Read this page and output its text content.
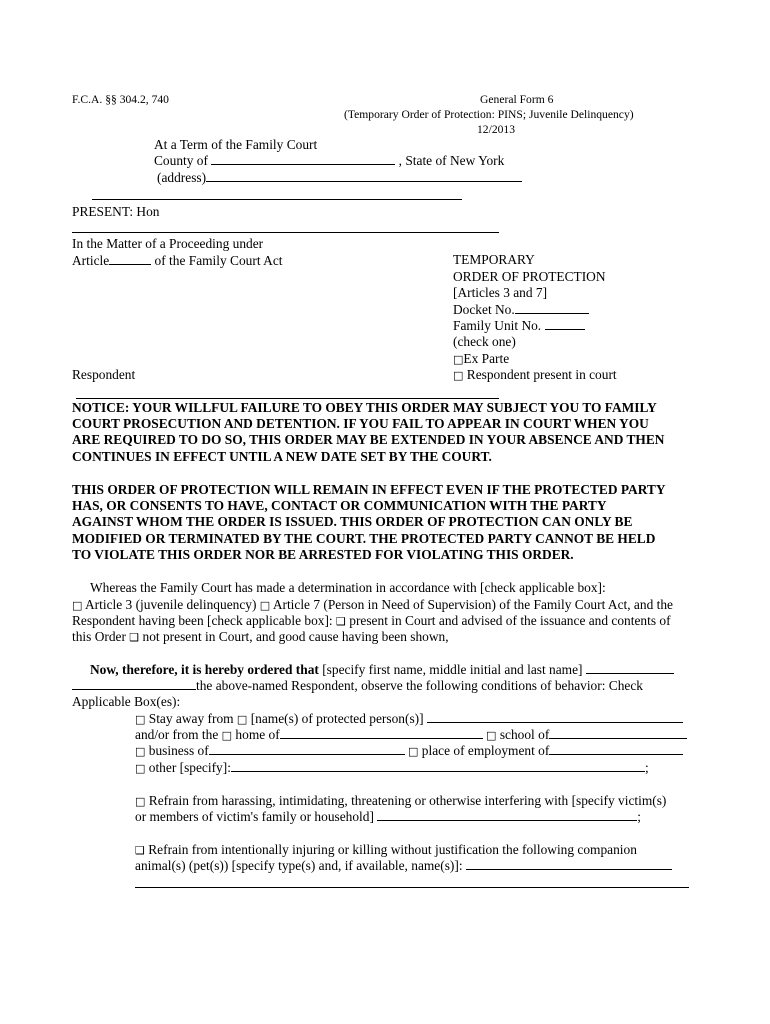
F.C.A. §§ 304.2, 740	General Form 6
(Temporary Order of Protection: PINS; Juvenile Delinquency)
12/2013
At a Term of the Family Court
County of	, State of New York
(address)
PRESENT: Hon
In the Matter of a Proceeding under
Article	of the Family Court Act
Respondent
TEMPORARY
ORDER OF PROTECTION
[Articles 3 and 7]
Docket No.
Family Unit No.
(check one)
□Ex Parte
□ Respondent present in court
NOTICE: YOUR WILLFUL FAILURE TO OBEY THIS ORDER MAY SUBJECT YOU TO FAMILY
COURT PROSECUTION AND DETENTION. IF YOU FAIL TO APPEAR IN COURT WHEN YOU
ARE REQUIRED TO DO SO, THIS ORDER MAY BE EXTENDED IN YOUR ABSENCE AND THEN
CONTINUES IN EFFECT UNTIL A NEW DATE SET BY THE COURT.
THIS ORDER OF PROTECTION WILL REMAIN IN EFFECT EVEN IF THE PROTECTED PARTY
HAS, OR CONSENTS TO HAVE, CONTACT OR COMMUNICATION WITH THE PARTY
AGAINST WHOM THE ORDER IS ISSUED. THIS ORDER OF PROTECTION CAN ONLY BE
MODIFIED OR TERMINATED BY THE COURT. THE PROTECTED PARTY CANNOT BE HELD
TO VIOLATE THIS ORDER NOR BE ARRESTED FOR VIOLATING THIS ORDER.
Whereas the Family Court has made a determination in accordance with [check applicable box]:
□ Article 3 (juvenile delinquency) □ Article 7 (Person in Need of Supervision) of the Family Court Act, and the
Respondent having been [check applicable box]: ❑ present in Court and advised of the issuance and contents of
this Order ❑ not present in Court, and good cause having been shown,
Now, therefore, it is hereby ordered that [specify first name, middle initial and last name]
the above-named Respondent, observe the following conditions of behavior: Check
Applicable Box(es):
□ Stay away from □ [name(s) of protected person(s)]
and/or from the □ home of	□ school of
□ business of	□ place of employment of
□ other [specify]:	;
□ Refrain from harassing, intimidating, threatening or otherwise interfering with [specify victim(s)
or members of victim's family or household]	;
❑ Refrain from intentionally injuring or killing without justification the following companion
animal(s) (pet(s)) [specify type(s) and, if available, name(s)]:
